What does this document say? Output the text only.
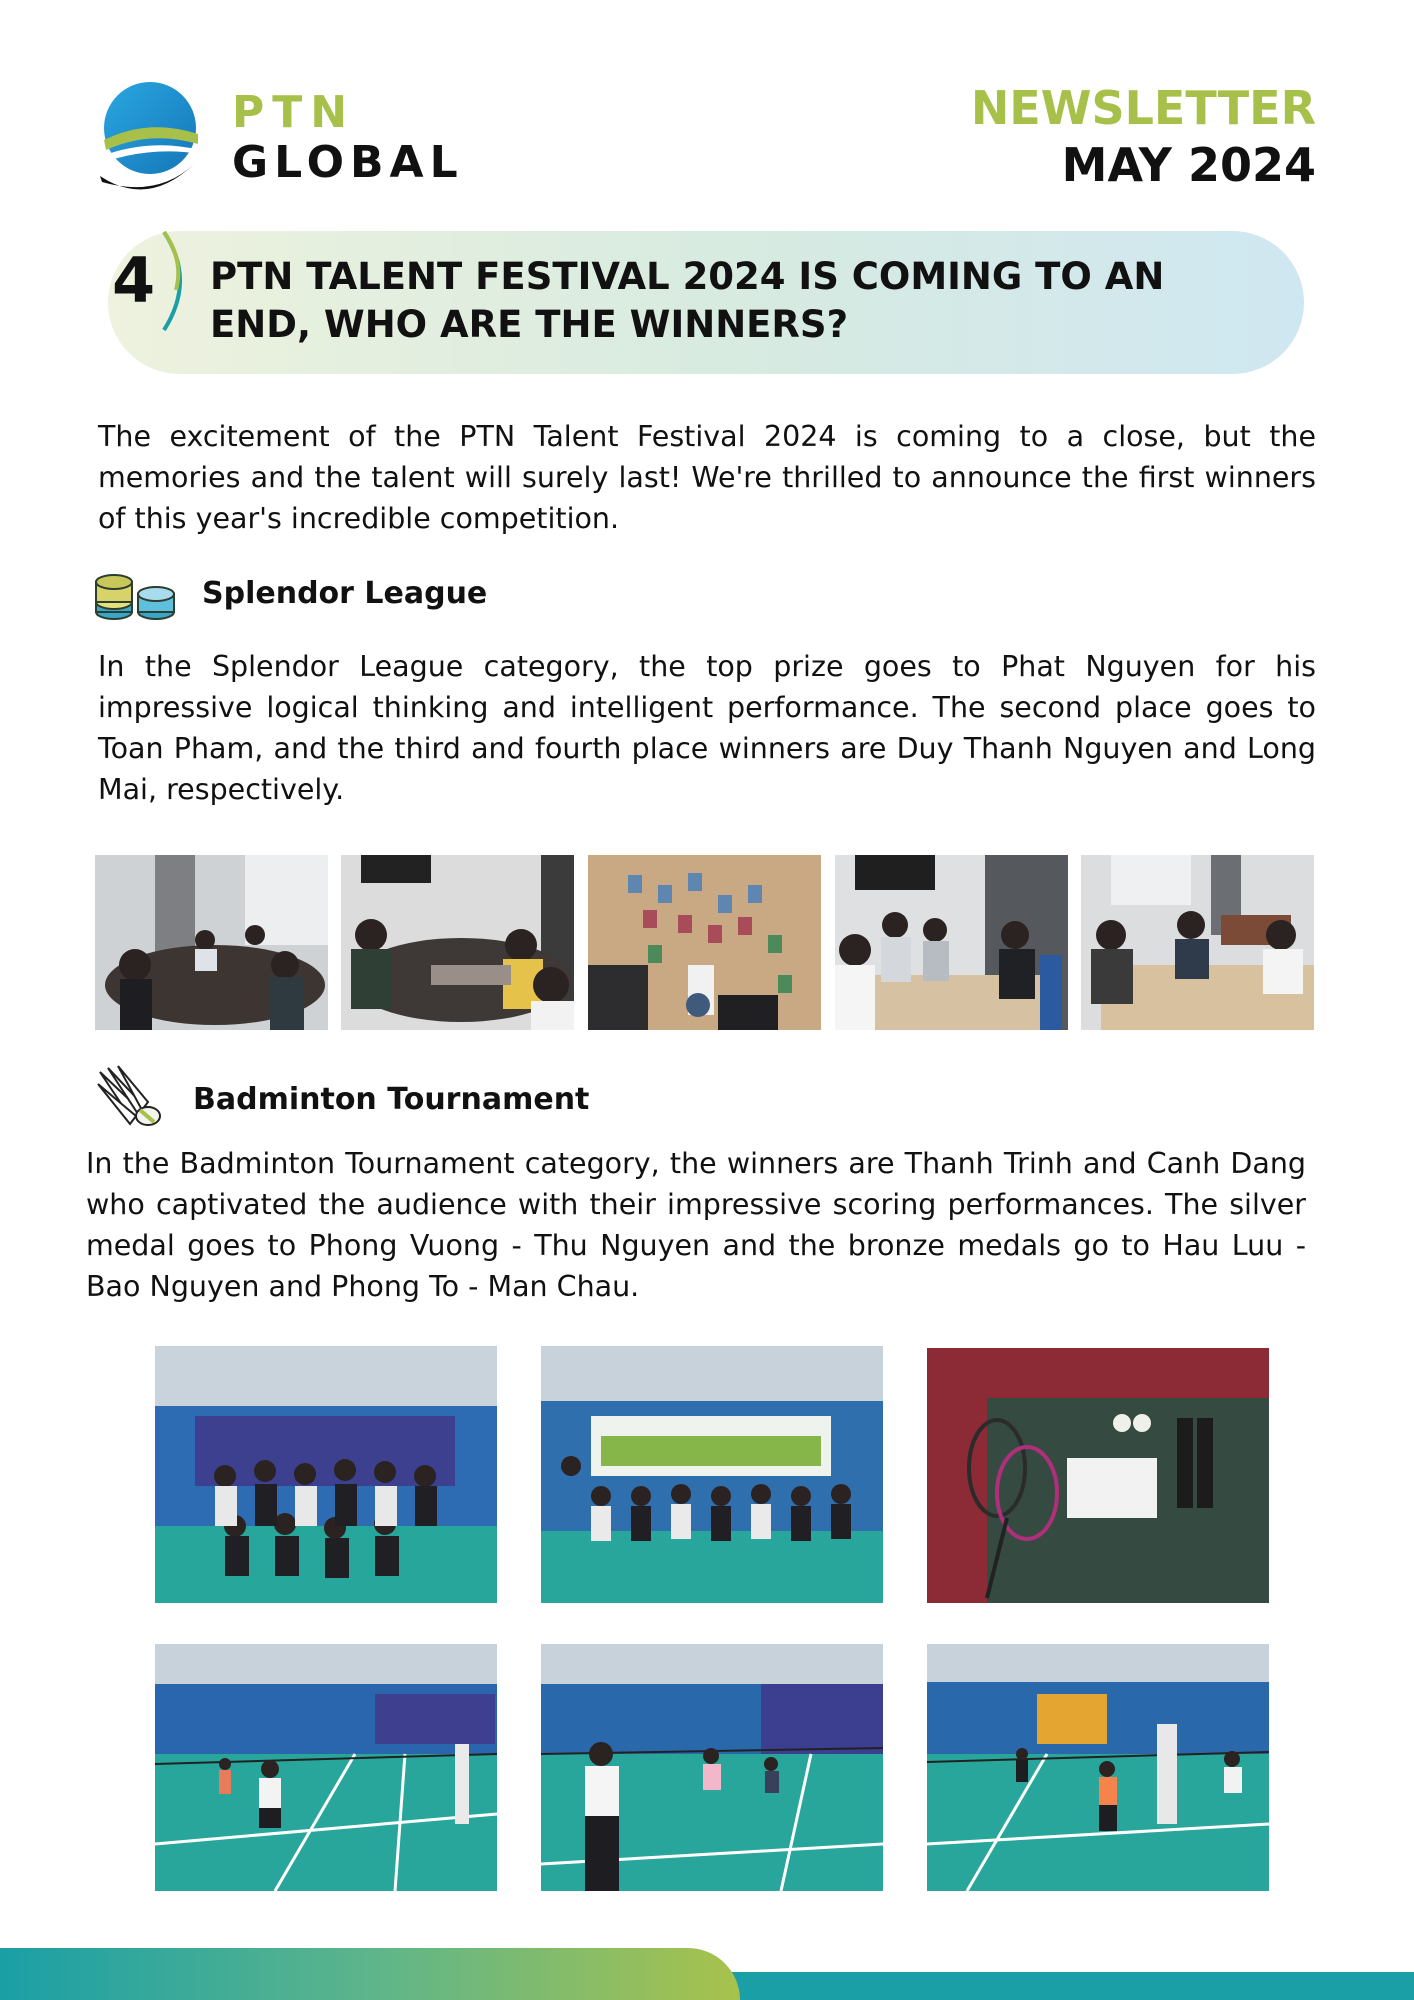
PTN
GLOBAL
NEWSLETTER
MAY 2024
4 PTN TALENT FESTIVAL 2024 IS COMING TO AN END, WHO ARE THE WINNERS?
The excitement of the PTN Talent Festival 2024 is coming to a close, but the memories and the talent will surely last! We're thrilled to announce the first winners of this year's incredible competition.
Splendor League
In the Splendor League category, the top prize goes to Phat Nguyen for his impressive logical thinking and intelligent performance. The second place goes to Toan Pham, and the third and fourth place winners are Duy Thanh Nguyen and Long Mai, respectively.
Badminton Tournament
In the Badminton Tournament category, the winners are Thanh Trinh and Canh Dang who captivated the audience with their impressive scoring performances. The silver medal goes to Phong Vuong - Thu Nguyen and the bronze medals go to Hau Luu - Bao Nguyen and Phong To - Man Chau.
